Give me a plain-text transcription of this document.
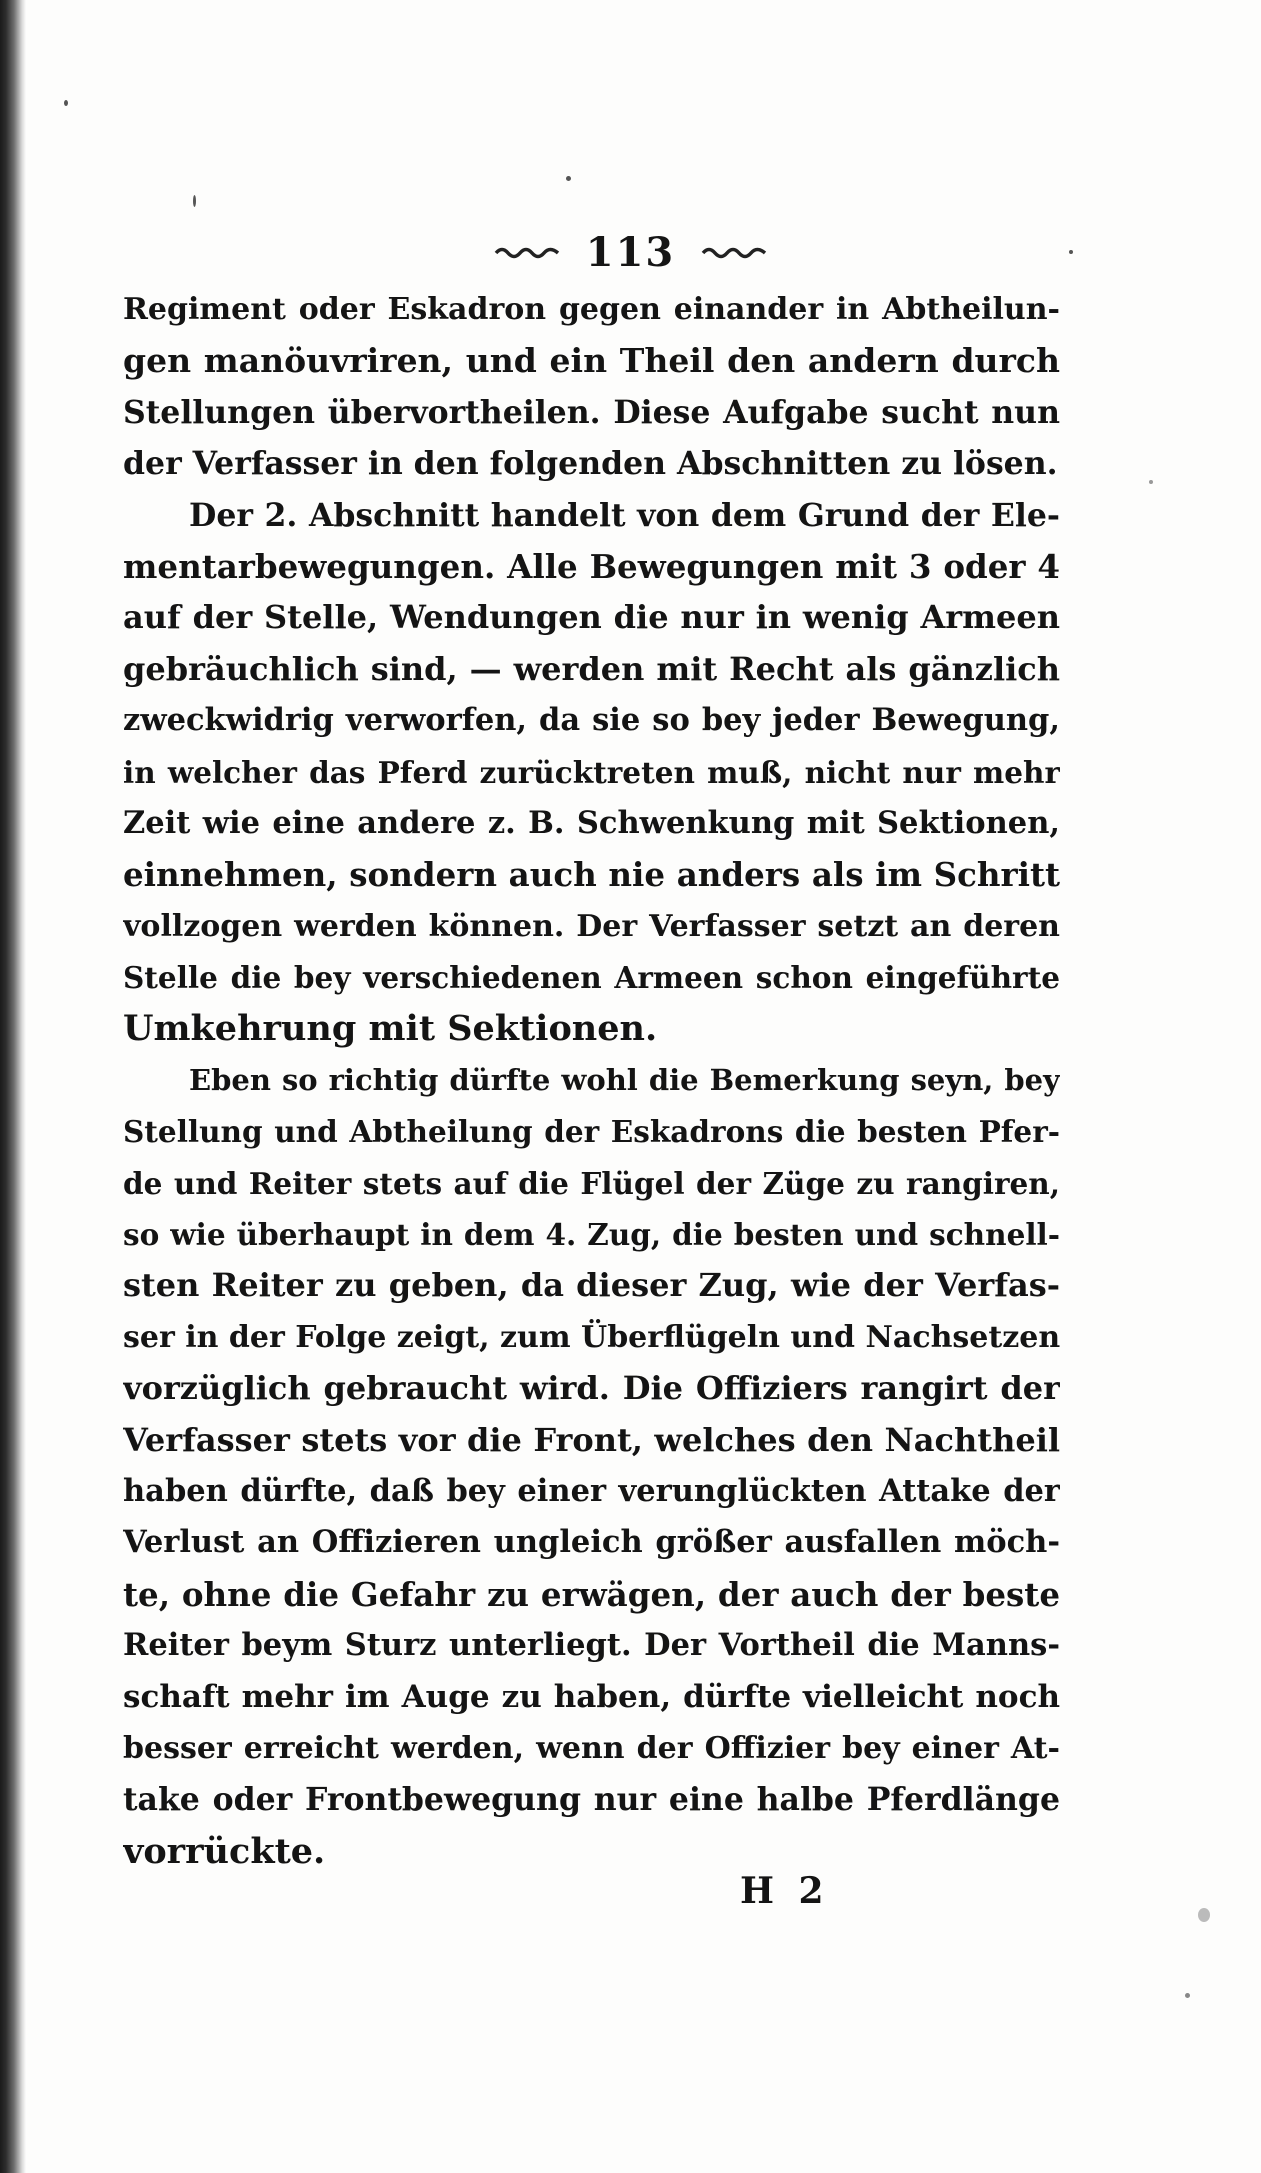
113
Regiment oder Eskadron gegen einander in Abtheilun-
gen manöuvriren, und ein Theil den andern durch
Stellungen übervortheilen. Diese Aufgabe sucht nun
der Verfasser in den folgenden Abschnitten zu lösen.
Der 2. Abschnitt handelt von dem Grund der Ele-
mentarbewegungen. Alle Bewegungen mit 3 oder 4
auf der Stelle, Wendungen die nur in wenig Armeen
gebräuchlich sind, — werden mit Recht als gänzlich
zweckwidrig verworfen, da sie so bey jeder Bewegung,
in welcher das Pferd zurücktreten muß, nicht nur mehr
Zeit wie eine andere z. B. Schwenkung mit Sektionen,
einnehmen, sondern auch nie anders als im Schritt
vollzogen werden können. Der Verfasser setzt an deren
Stelle die bey verschiedenen Armeen schon eingeführte
Umkehrung mit Sektionen.
Eben so richtig dürfte wohl die Bemerkung seyn, bey
Stellung und Abtheilung der Eskadrons die besten Pfer-
de und Reiter stets auf die Flügel der Züge zu rangiren,
so wie überhaupt in dem 4. Zug, die besten und schnell-
sten Reiter zu geben, da dieser Zug, wie der Verfas-
ser in der Folge zeigt, zum Überflügeln und Nachsetzen
vorzüglich gebraucht wird. Die Offiziers rangirt der
Verfasser stets vor die Front, welches den Nachtheil
haben dürfte, daß bey einer verunglückten Attake der
Verlust an Offizieren ungleich größer ausfallen möch-
te, ohne die Gefahr zu erwägen, der auch der beste
Reiter beym Sturz unterliegt. Der Vortheil die Manns-
schaft mehr im Auge zu haben, dürfte vielleicht noch
besser erreicht werden, wenn der Offizier bey einer At-
take oder Frontbewegung nur eine halbe Pferdlänge
vorrückte.
H 2
